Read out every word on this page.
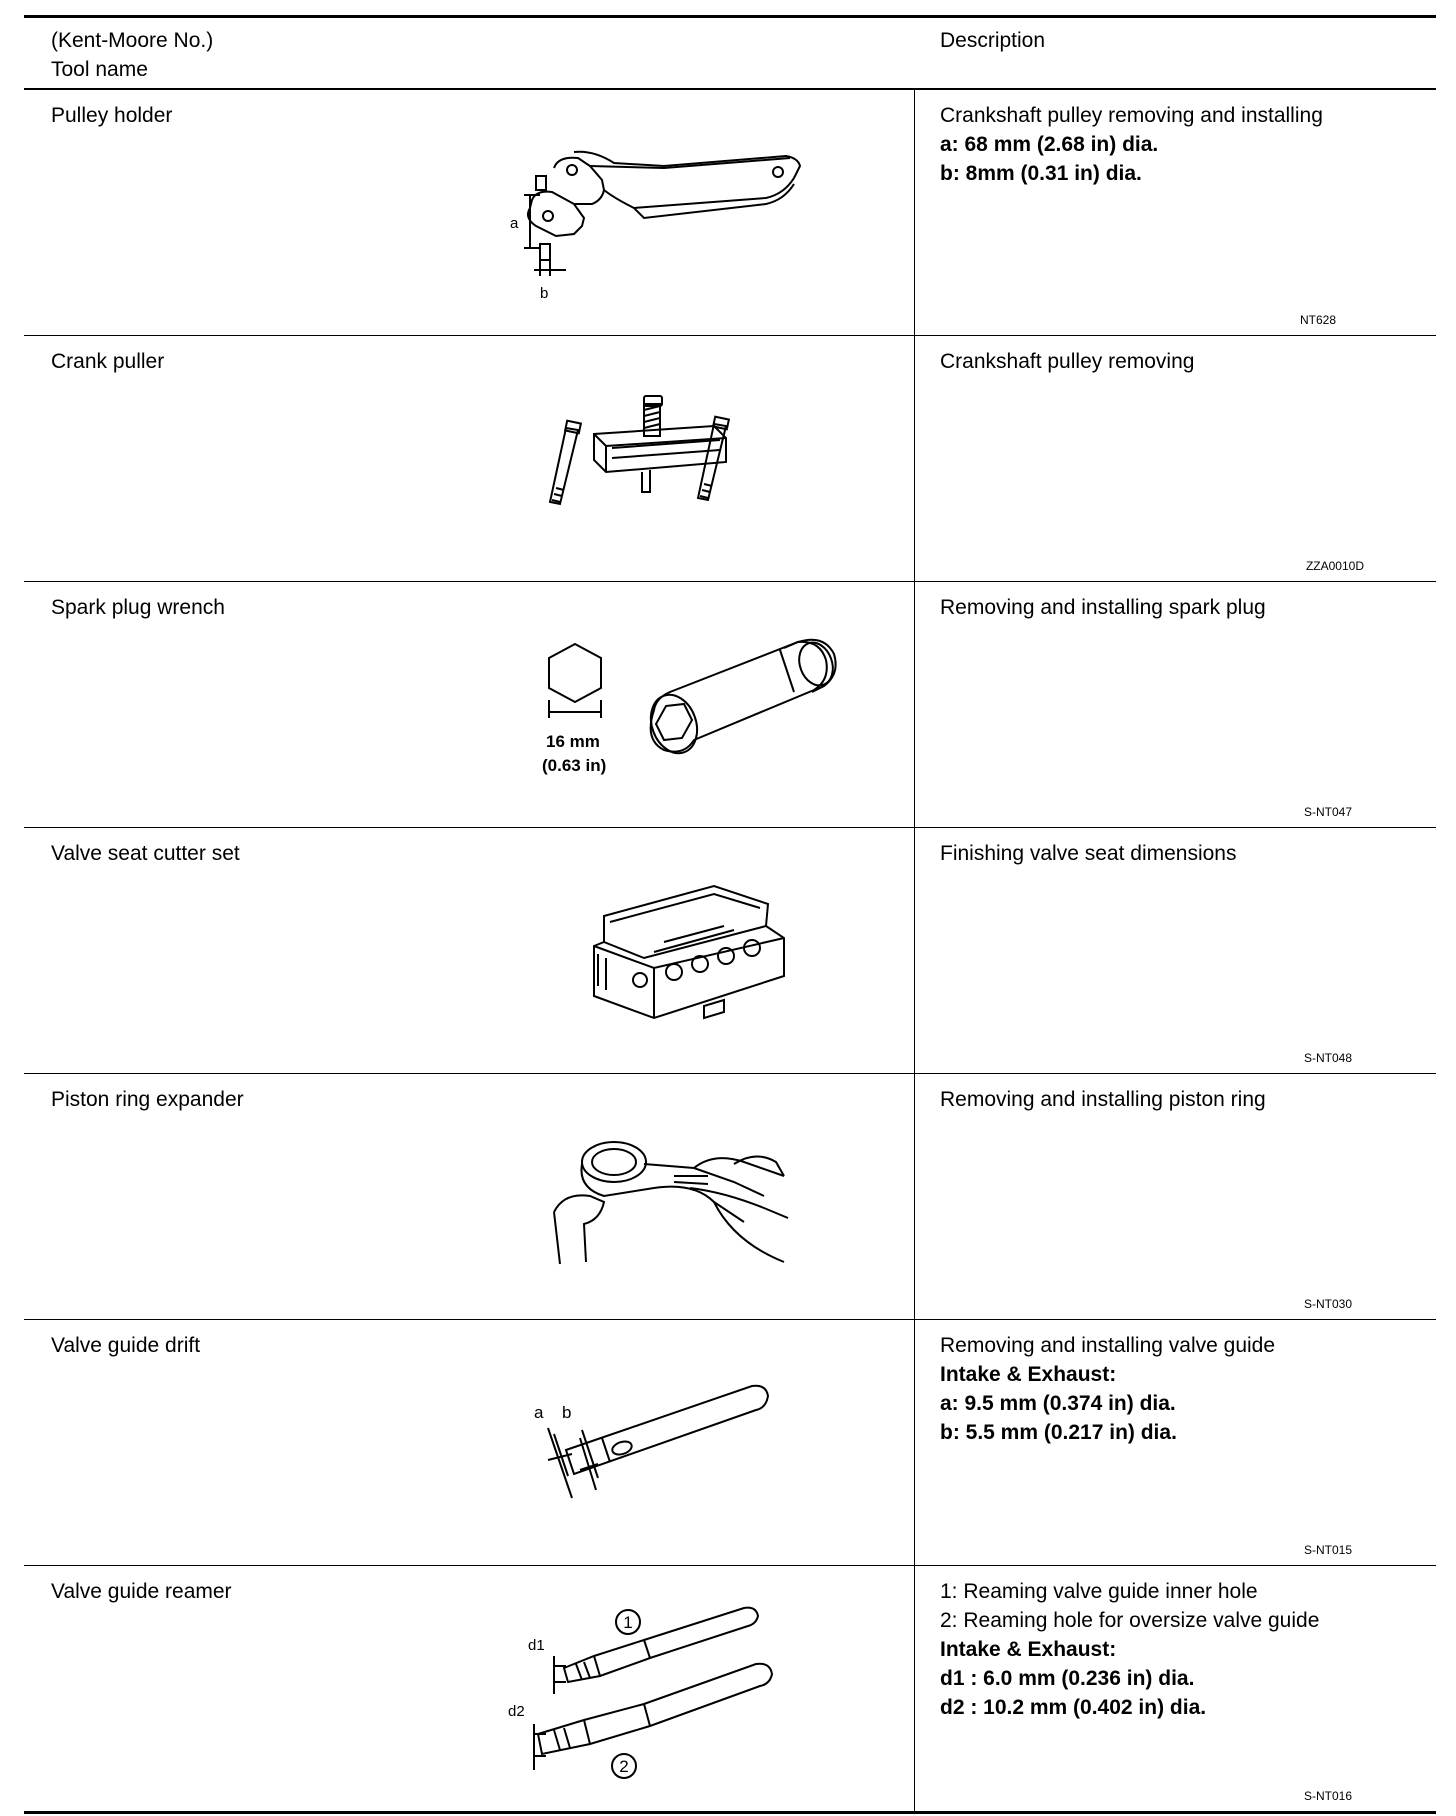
(Kent-Moore No.)
Tool name
Description
Pulley holder
a
b
NT628
Crankshaft pulley removing and installing
a: 68 mm (2.68 in) dia.
b: 8mm (0.31 in) dia.
Crank puller
ZZA0010D
Crankshaft pulley removing
Spark plug wrench
16 mm
(0.63 in)
S-NT047
Removing and installing spark plug
Valve seat cutter set
S-NT048
Finishing valve seat dimensions
Piston ring expander
S-NT030
Removing and installing piston ring
Valve guide drift
a b
S-NT015
Removing and installing valve guide
Intake & Exhaust:
a: 9.5 mm (0.374 in) dia.
b: 5.5 mm (0.217 in) dia.
Valve guide reamer
1
2
d1
d2
S-NT016
1: Reaming valve guide inner hole
2: Reaming hole for oversize valve guide
Intake & Exhaust:
d1 : 6.0 mm (0.236 in) dia.
d2 : 10.2 mm (0.402 in) dia.
